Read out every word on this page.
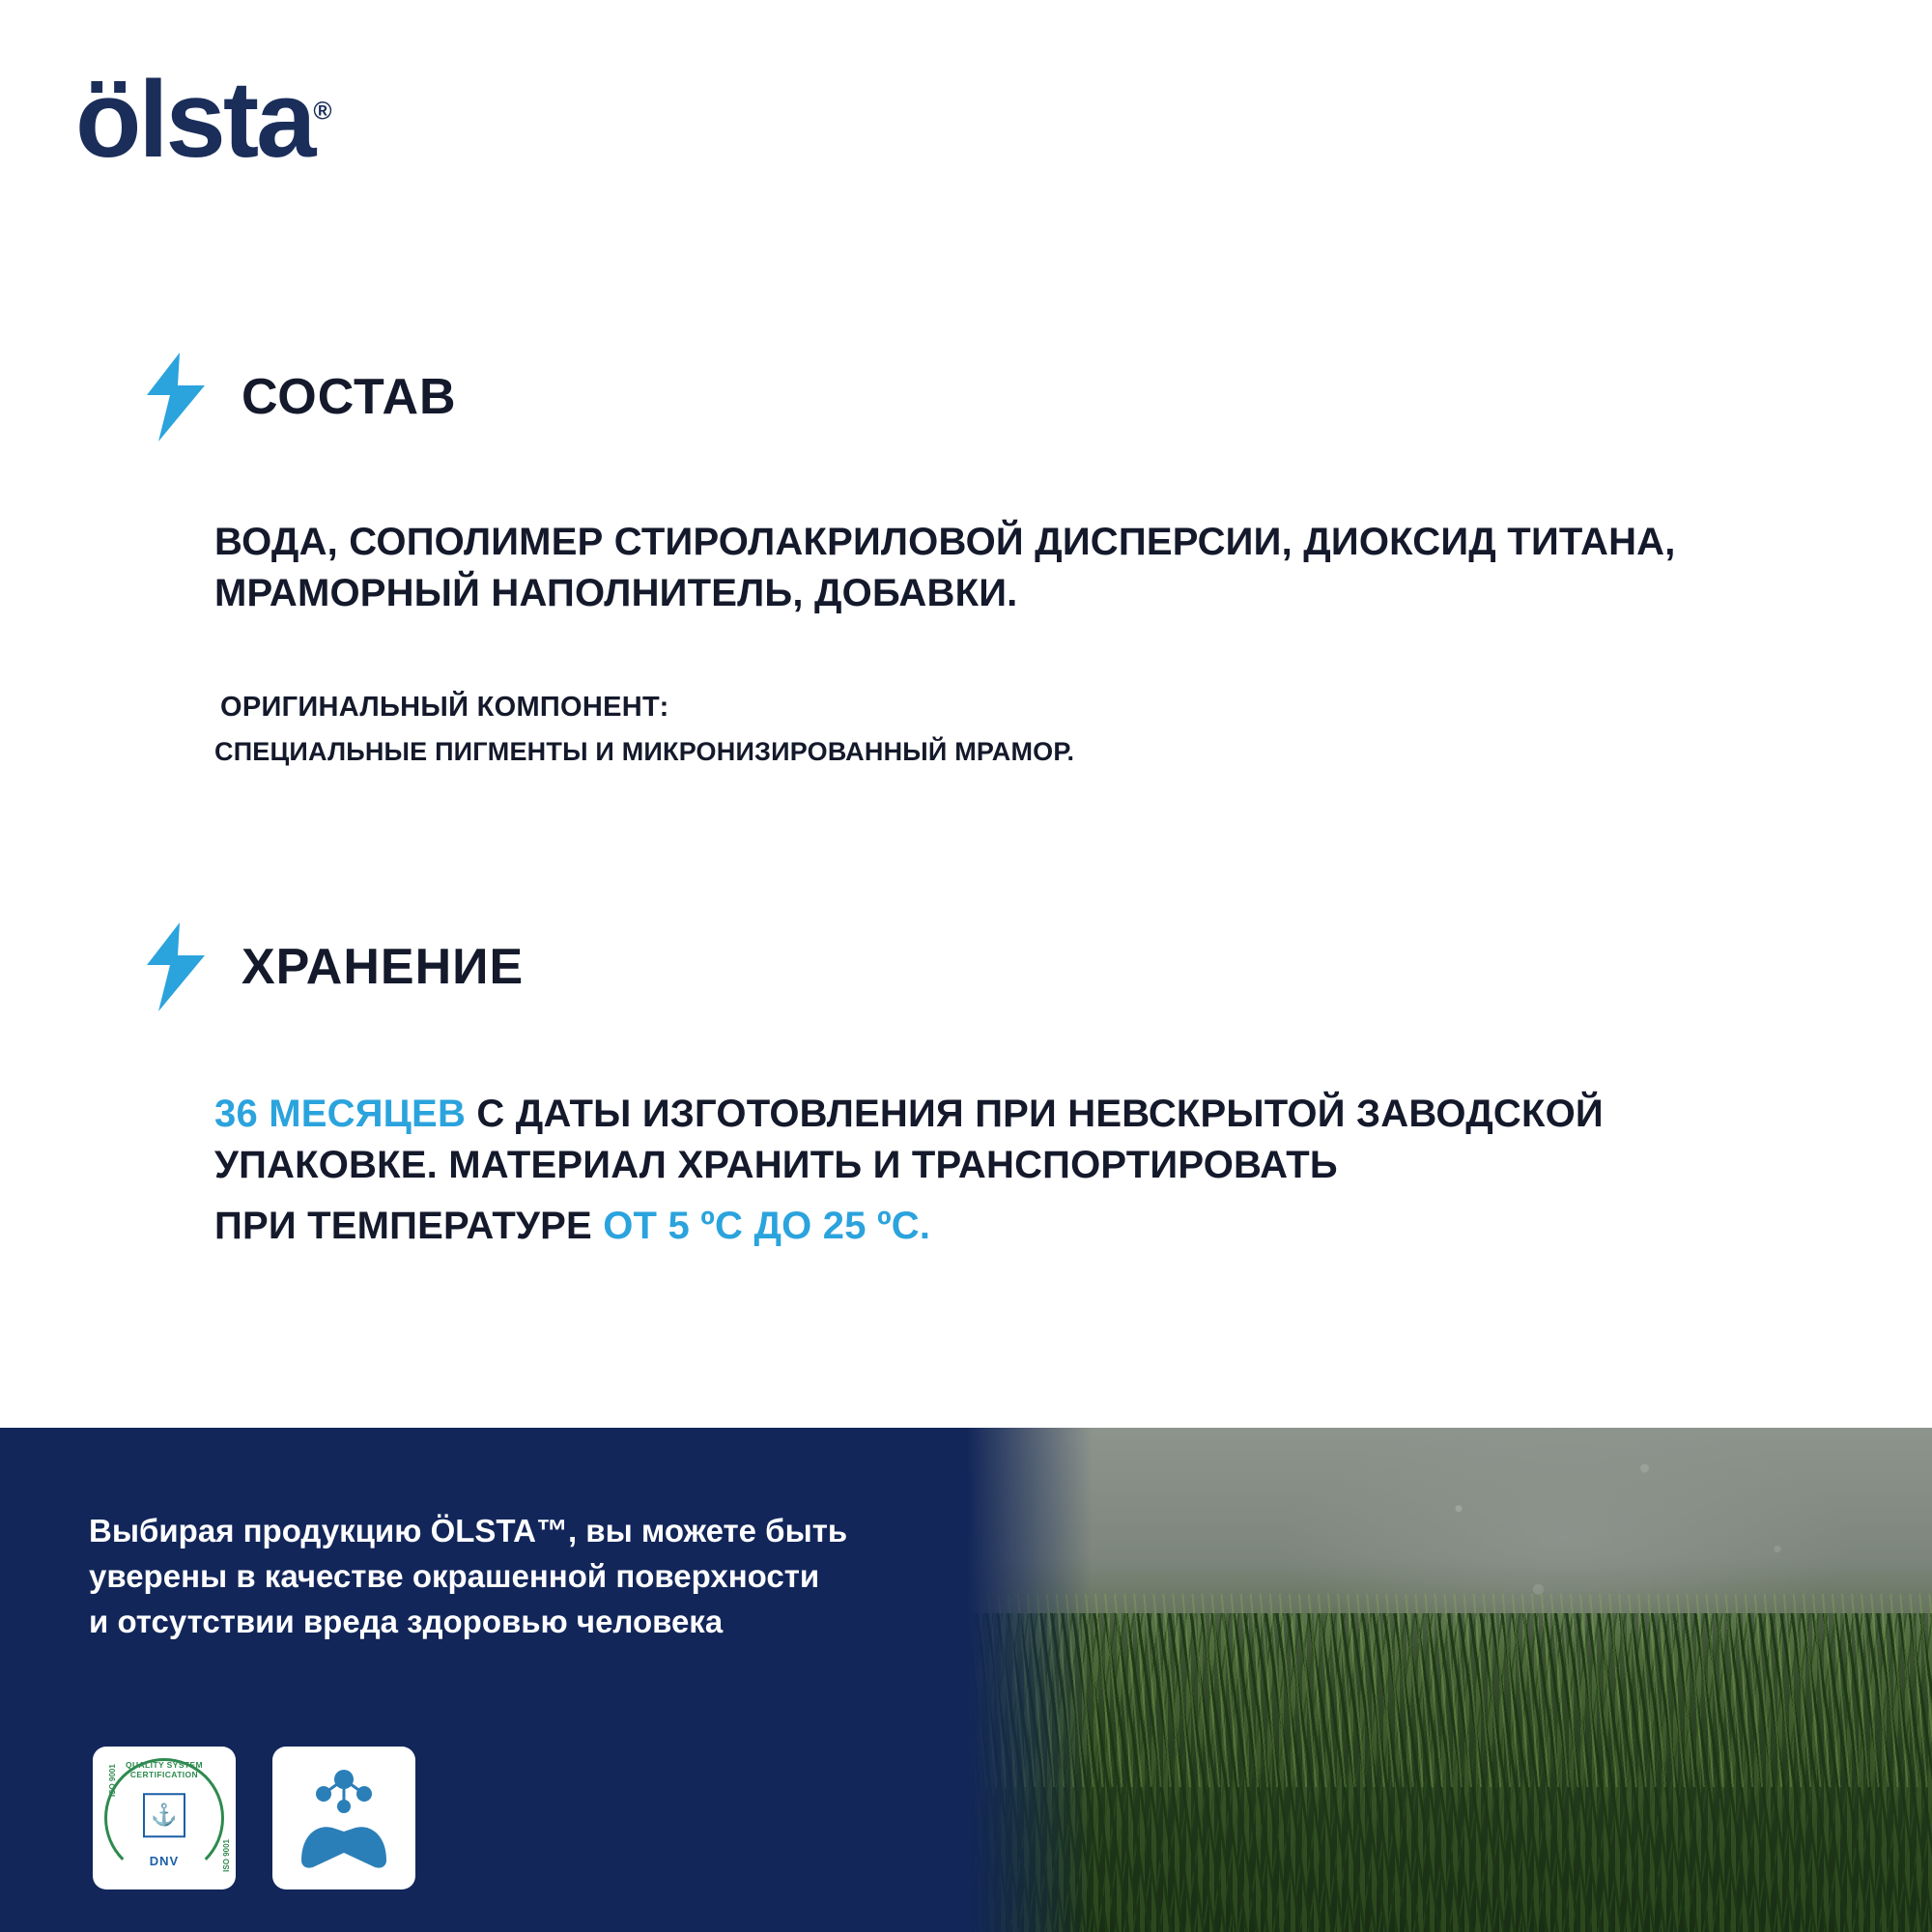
ölsta®
СОСТАВ
ВОДА, СОПОЛИМЕР СТИРОЛАКРИЛОВОЙ ДИСПЕРСИИ, ДИОКСИД ТИТАНА, МРАМОРНЫЙ НАПОЛНИТЕЛЬ, ДОБАВКИ.
ОРИГИНАЛЬНЫЙ КОМПОНЕНТ:
СПЕЦИАЛЬНЫЕ ПИГМЕНТЫ И МИКРОНИЗИРОВАННЫЙ МРАМОР.
ХРАНЕНИЕ
36 МЕСЯЦЕВ С ДАТЫ ИЗГОТОВЛЕНИЯ ПРИ НЕВСКРЫТОЙ ЗАВОДСКОЙ УПАКОВКЕ. МАТЕРИАЛ ХРАНИТЬ И ТРАНСПОРТИРОВАТЬ
ПРИ ТЕМПЕРАТУРЕ ОТ 5 ºС ДО 25 ºС.
Выбирая продукцию ÖLSTA™, вы можете быть
уверены в качестве окрашенной поверхности
и отсутствии вреда здоровью человека
QUALITY SYSTEM CERTIFICATION
ISO 9001
ISO 9001
⚓
DNV
